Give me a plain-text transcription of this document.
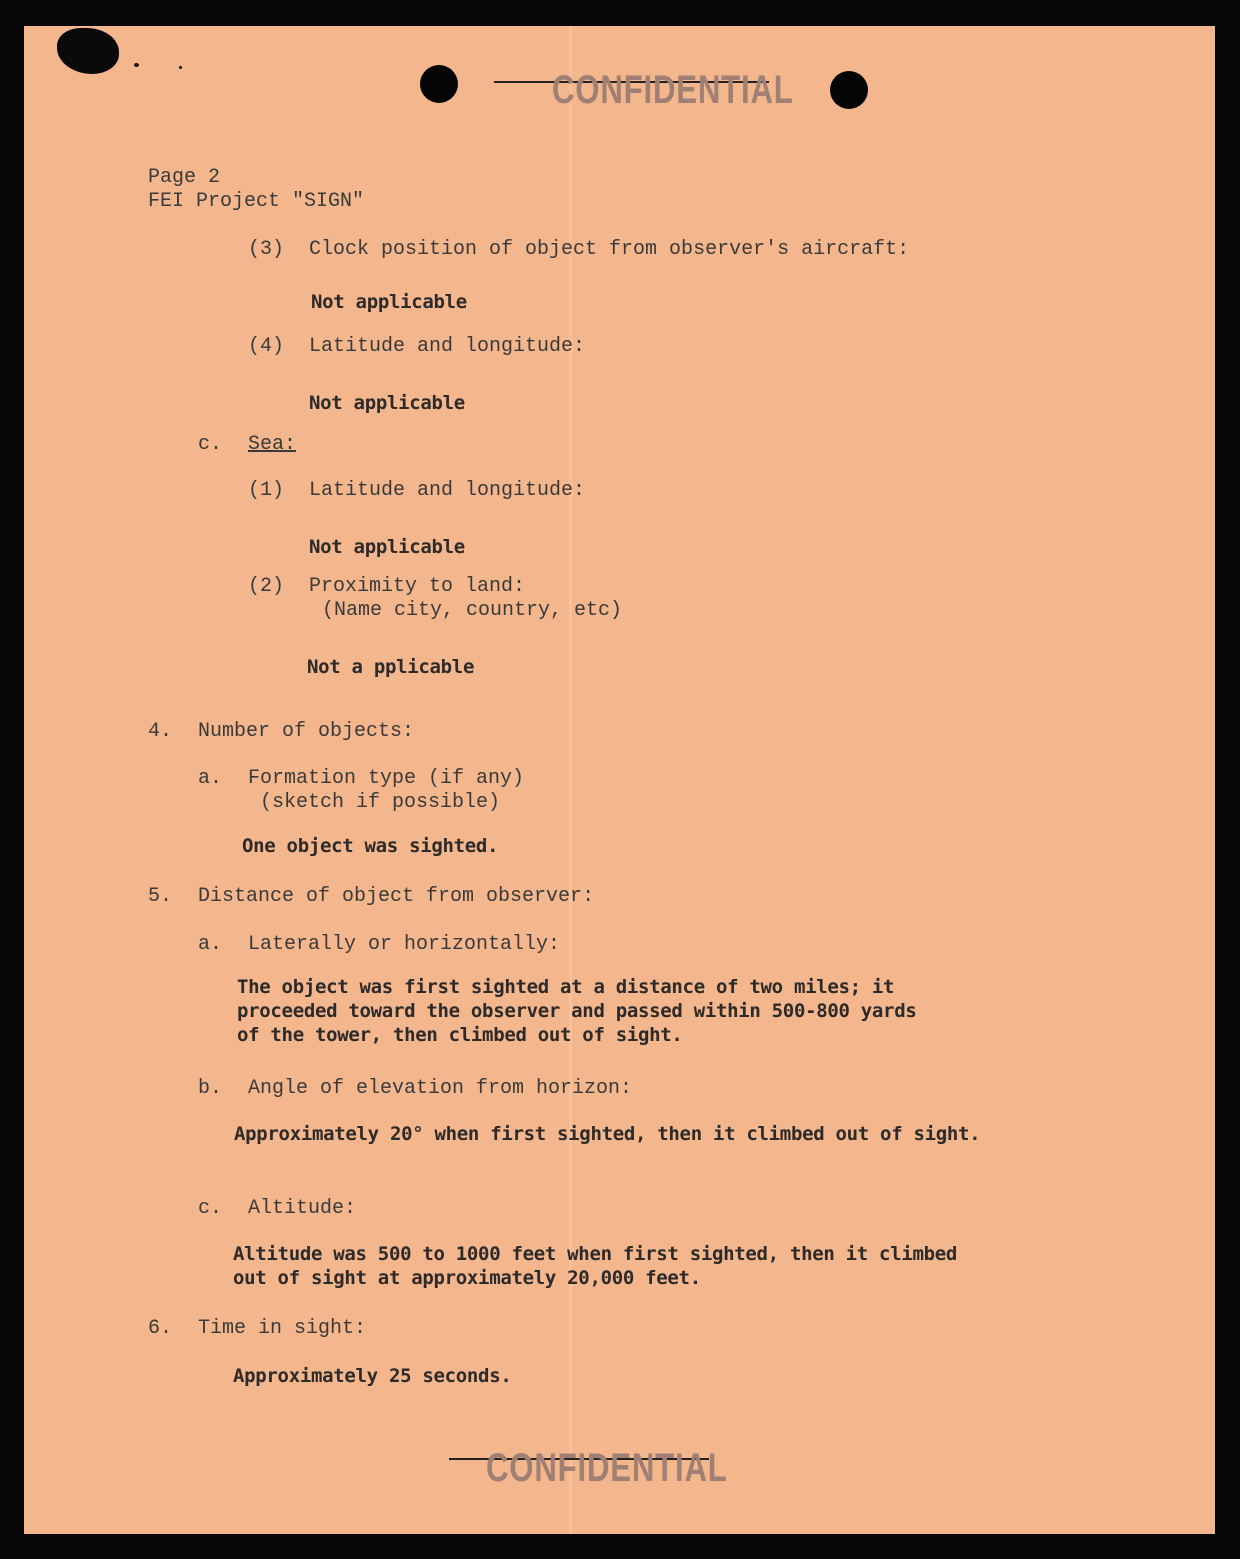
CONFIDENTIAL
Page 2
FEI Project "SIGN"
(3) Clock position of object from observer's aircraft:
Not applicable
(4) Latitude and longitude:
Not applicable
c. Sea:
(1) Latitude and longitude:
Not applicable
(2) Proximity to land:
(Name city, country, etc)
Not a pplicable
4. Number of objects:
a. Formation type (if any)
(sketch if possible)
One object was sighted.
5. Distance of object from observer:
a. Laterally or horizontally:
The object was first sighted at a distance of two miles; it
proceeded toward the observer and passed within 500-800 yards
of the tower, then climbed out of sight.
b. Angle of elevation from horizon:
Approximately 20° when first sighted, then it climbed out of sight.
c. Altitude:
Altitude was 500 to 1000 feet when first sighted, then it climbed
out of sight at approximately 20,000 feet.
6. Time in sight:
Approximately 25 seconds.
CONFIDENTIAL
